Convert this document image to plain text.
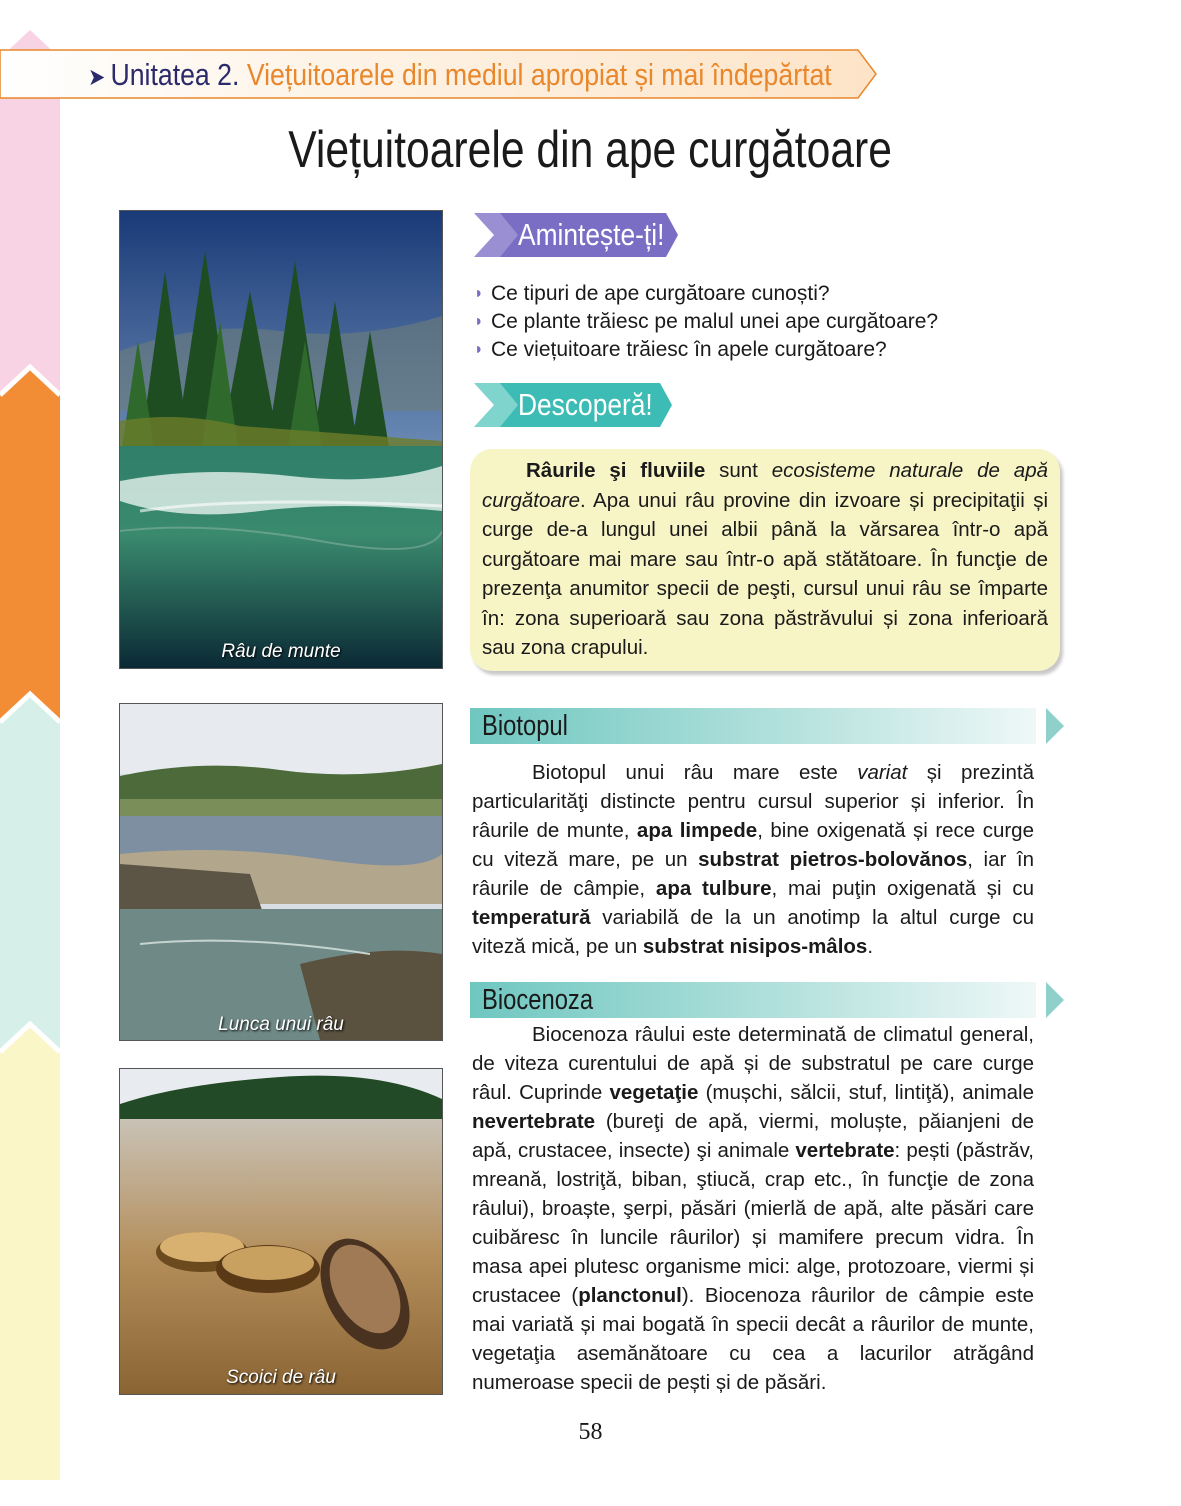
➤ Unitatea 2. Viețuitoarele din mediul apropiat și mai îndepărtat
Viețuitoarele din ape curgătoare
Râu de munte
Lunca unui râu
Scoici de râu
Amintește-ți!
◗ Ce tipuri de ape curgătoare cunoști?
◗ Ce plante trăiesc pe malul unei ape curgătoare?
◗ Ce viețuitoare trăiesc în apele curgătoare?
Descoperă!

Râurile şi fluviile sunt ecosisteme naturale de apă curgătoare. Apa unui râu provine din izvoare și precipitaţii și curge de-a lungul unei albii până la vărsarea într-o apă curgătoare mai mare sau într-o apă stătătoare. În funcţie de prezenţa anumitor specii de peşti, cursul unui râu se împarte în: zona superioară sau zona păstrăvului și zona inferioară sau zona crapului.

Biotopul

Biotopul unui râu mare este variat și prezintă particularităţi distincte pentru cursul superior și inferior. În râurile de munte, apa limpede, bine oxigenată și rece curge cu viteză mare, pe un substrat pietros-bolovănos, iar în râurile de câmpie, apa tulbure, mai puţin oxigenată și cu temperatură variabilă de la un anotimp la altul curge cu viteză mică, pe un substrat nisipos-mâlos.

Biocenoza

Biocenoza râului este determinată de climatul general, de viteza curentului de apă și de substratul pe care curge râul. Cuprinde vegetaţie (mușchi, sălcii, stuf, lintiţă), animale nevertebrate (bureţi de apă, viermi, moluște, păianjeni de apă, crustacee, insecte) şi animale vertebrate: pești (păstrăv, mreană, lostriţă, biban, ştiucă, crap etc., în funcţie de zona râului), broaște, şerpi, păsări (mierlă de apă, alte păsări care cuibăresc în luncile râurilor) și mamifere precum vidra. În masa apei plutesc organisme mici: alge, protozoare, viermi și crustacee (planctonul). Biocenoza râurilor de câmpie este mai variată și mai bogată în specii decât a râurilor de munte, vegetaţia asemănătoare cu cea a lacurilor atrăgând numeroase specii de pești și de păsări.

58
